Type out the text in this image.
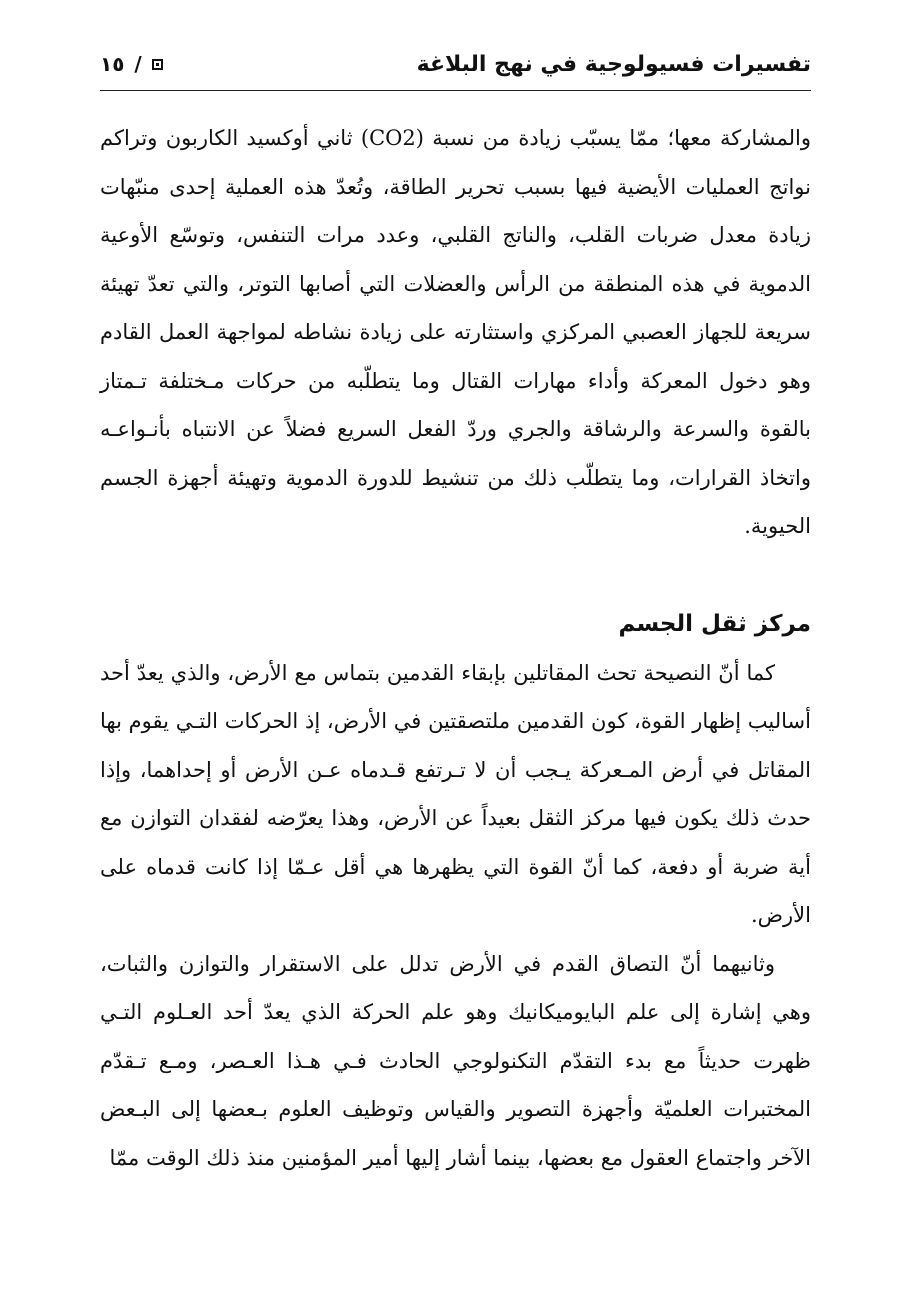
تفسيرات فسيولوجية في نهج البلاغة
/
١٥

والمشاركة معها؛ ممّا يسبّب زيادة من نسبة (CO2) ثاني أوكسيد الكاربون وتراكم نواتج العمليات الأيضية فيها بسبب تحرير الطاقة، وتُعدّ هذه العملية إحدى منبّهات زيادة معدل ضربات القلب، والناتج القلبي، وعدد مرات التنفس، وتوسّع الأوعية الدموية في هذه المنطقة من الرأس والعضلات التي أصابها التوتر، والتي تعدّ تهيئة سريعة للجهاز العصبي المركزي واستثارته على زيادة نشاطه لمواجهة العمل القادم وهو دخول المعركة وأداء مهارات القتال وما يتطلّبه من حركات مـختلفة تـمتاز بالقوة والسرعة والرشاقة والجري وردّ الفعل السريع فضلاً عن الانتباه بأنـواعـه واتخاذ القرارات، وما يتطلّب ذلك من تنشيط للدورة الدموية وتهيئة أجهزة الجسم الحيوية.

مركز ثقل الجسم

كما أنّ النصيحة تحث المقاتلين بإبقاء القدمين بتماس مع الأرض، والذي يعدّ أحد أساليب إظهار القوة، كون القدمين ملتصقتين في الأرض، إذ الحركات التـي يقوم بها المقاتل في أرض المـعركة يـجب أن لا تـرتفع قـدماه عـن الأرض أو إحداهما، وإذا حدث ذلك يكون فيها مركز الثقل بعيداً عن الأرض، وهذا يعرّضه لفقدان التوازن مع أية ضربة أو دفعة، كما أنّ القوة التي يظهرها هي أقل عـمّا إذا كانت قدماه على الأرض.

وثانيهما أنّ التصاق القدم في الأرض تدلل على الاستقرار والتوازن والثبات، وهي إشارة إلى علم البايوميكانيك وهو علم الحركة الذي يعدّ أحد العـلوم التـي ظهرت حديثاً مع بدء التقدّم التكنولوجي الحادث فـي هـذا العـصر، ومـع تـقدّم المختبرات العلميّة وأجهزة التصوير والقياس وتوظيف العلوم بـعضها إلى البـعض الآخر واجتماع العقول مع بعضها، بينما أشار إليها أمير المؤمنين منذ ذلك الوقت ممّا
